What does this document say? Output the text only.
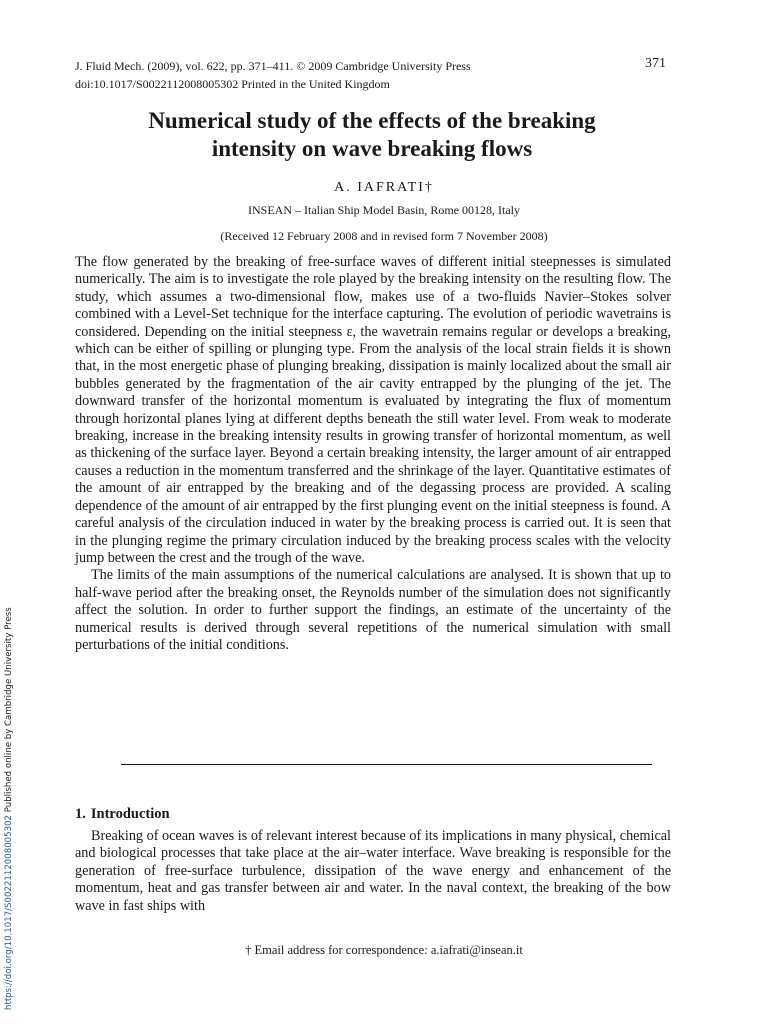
J. Fluid Mech. (2009), vol. 622, pp. 371–411. © 2009 Cambridge University Press
doi:10.1017/S0022112008005302 Printed in the United Kingdom
371
Numerical study of the effects of the breaking
intensity on wave breaking flows
A. IAFRATI†
INSEAN – Italian Ship Model Basin, Rome 00128, Italy
(Received 12 February 2008 and in revised form 7 November 2008)

The flow generated by the breaking of free-surface waves of different initial steepnesses is simulated numerically. The aim is to investigate the role played by the breaking intensity on the resulting flow. The study, which assumes a two-dimensional flow, makes use of a two-fluids Navier–Stokes solver combined with a Level-Set technique for the interface capturing. The evolution of periodic wavetrains is considered. Depending on the initial steepness ε, the wavetrain remains regular or develops a breaking, which can be either of spilling or plunging type. From the analysis of the local strain fields it is shown that, in the most energetic phase of plunging breaking, dissipation is mainly localized about the small air bubbles generated by the fragmentation of the air cavity entrapped by the plunging of the jet. The downward transfer of the horizontal momentum is evaluated by integrating the flux of momentum through horizontal planes lying at different depths beneath the still water level. From weak to moderate breaking, increase in the breaking intensity results in growing transfer of horizontal momentum, as well as thickening of the surface layer. Beyond a certain breaking intensity, the larger amount of air entrapped causes a reduction in the momentum transferred and the shrinkage of the layer. Quantitative estimates of the amount of air entrapped by the breaking and of the degassing process are provided. A scaling dependence of the amount of air entrapped by the first plunging event on the initial steepness is found. A careful analysis of the circulation induced in water by the breaking process is carried out. It is seen that in the plunging regime the primary circulation induced by the breaking process scales with the velocity jump between the crest and the trough of the wave.

The limits of the main assumptions of the numerical calculations are analysed. It is shown that up to half-wave period after the breaking onset, the Reynolds number of the simulation does not significantly affect the solution. In order to further support the findings, an estimate of the uncertainty of the numerical results is derived through several repetitions of the numerical simulation with small perturbations of the initial conditions.

1. Introduction

Breaking of ocean waves is of relevant interest because of its implications in many physical, chemical and biological processes that take place at the air–water interface. Wave breaking is responsible for the generation of free-surface turbulence, dissipation of the wave energy and enhancement of the momentum, heat and gas transfer between air and water. In the naval context, the breaking of the bow wave in fast ships with

† Email address for correspondence: a.iafrati@insean.it
https://doi.org/10.1017/S0022112008005302 Published online by Cambridge University Press
